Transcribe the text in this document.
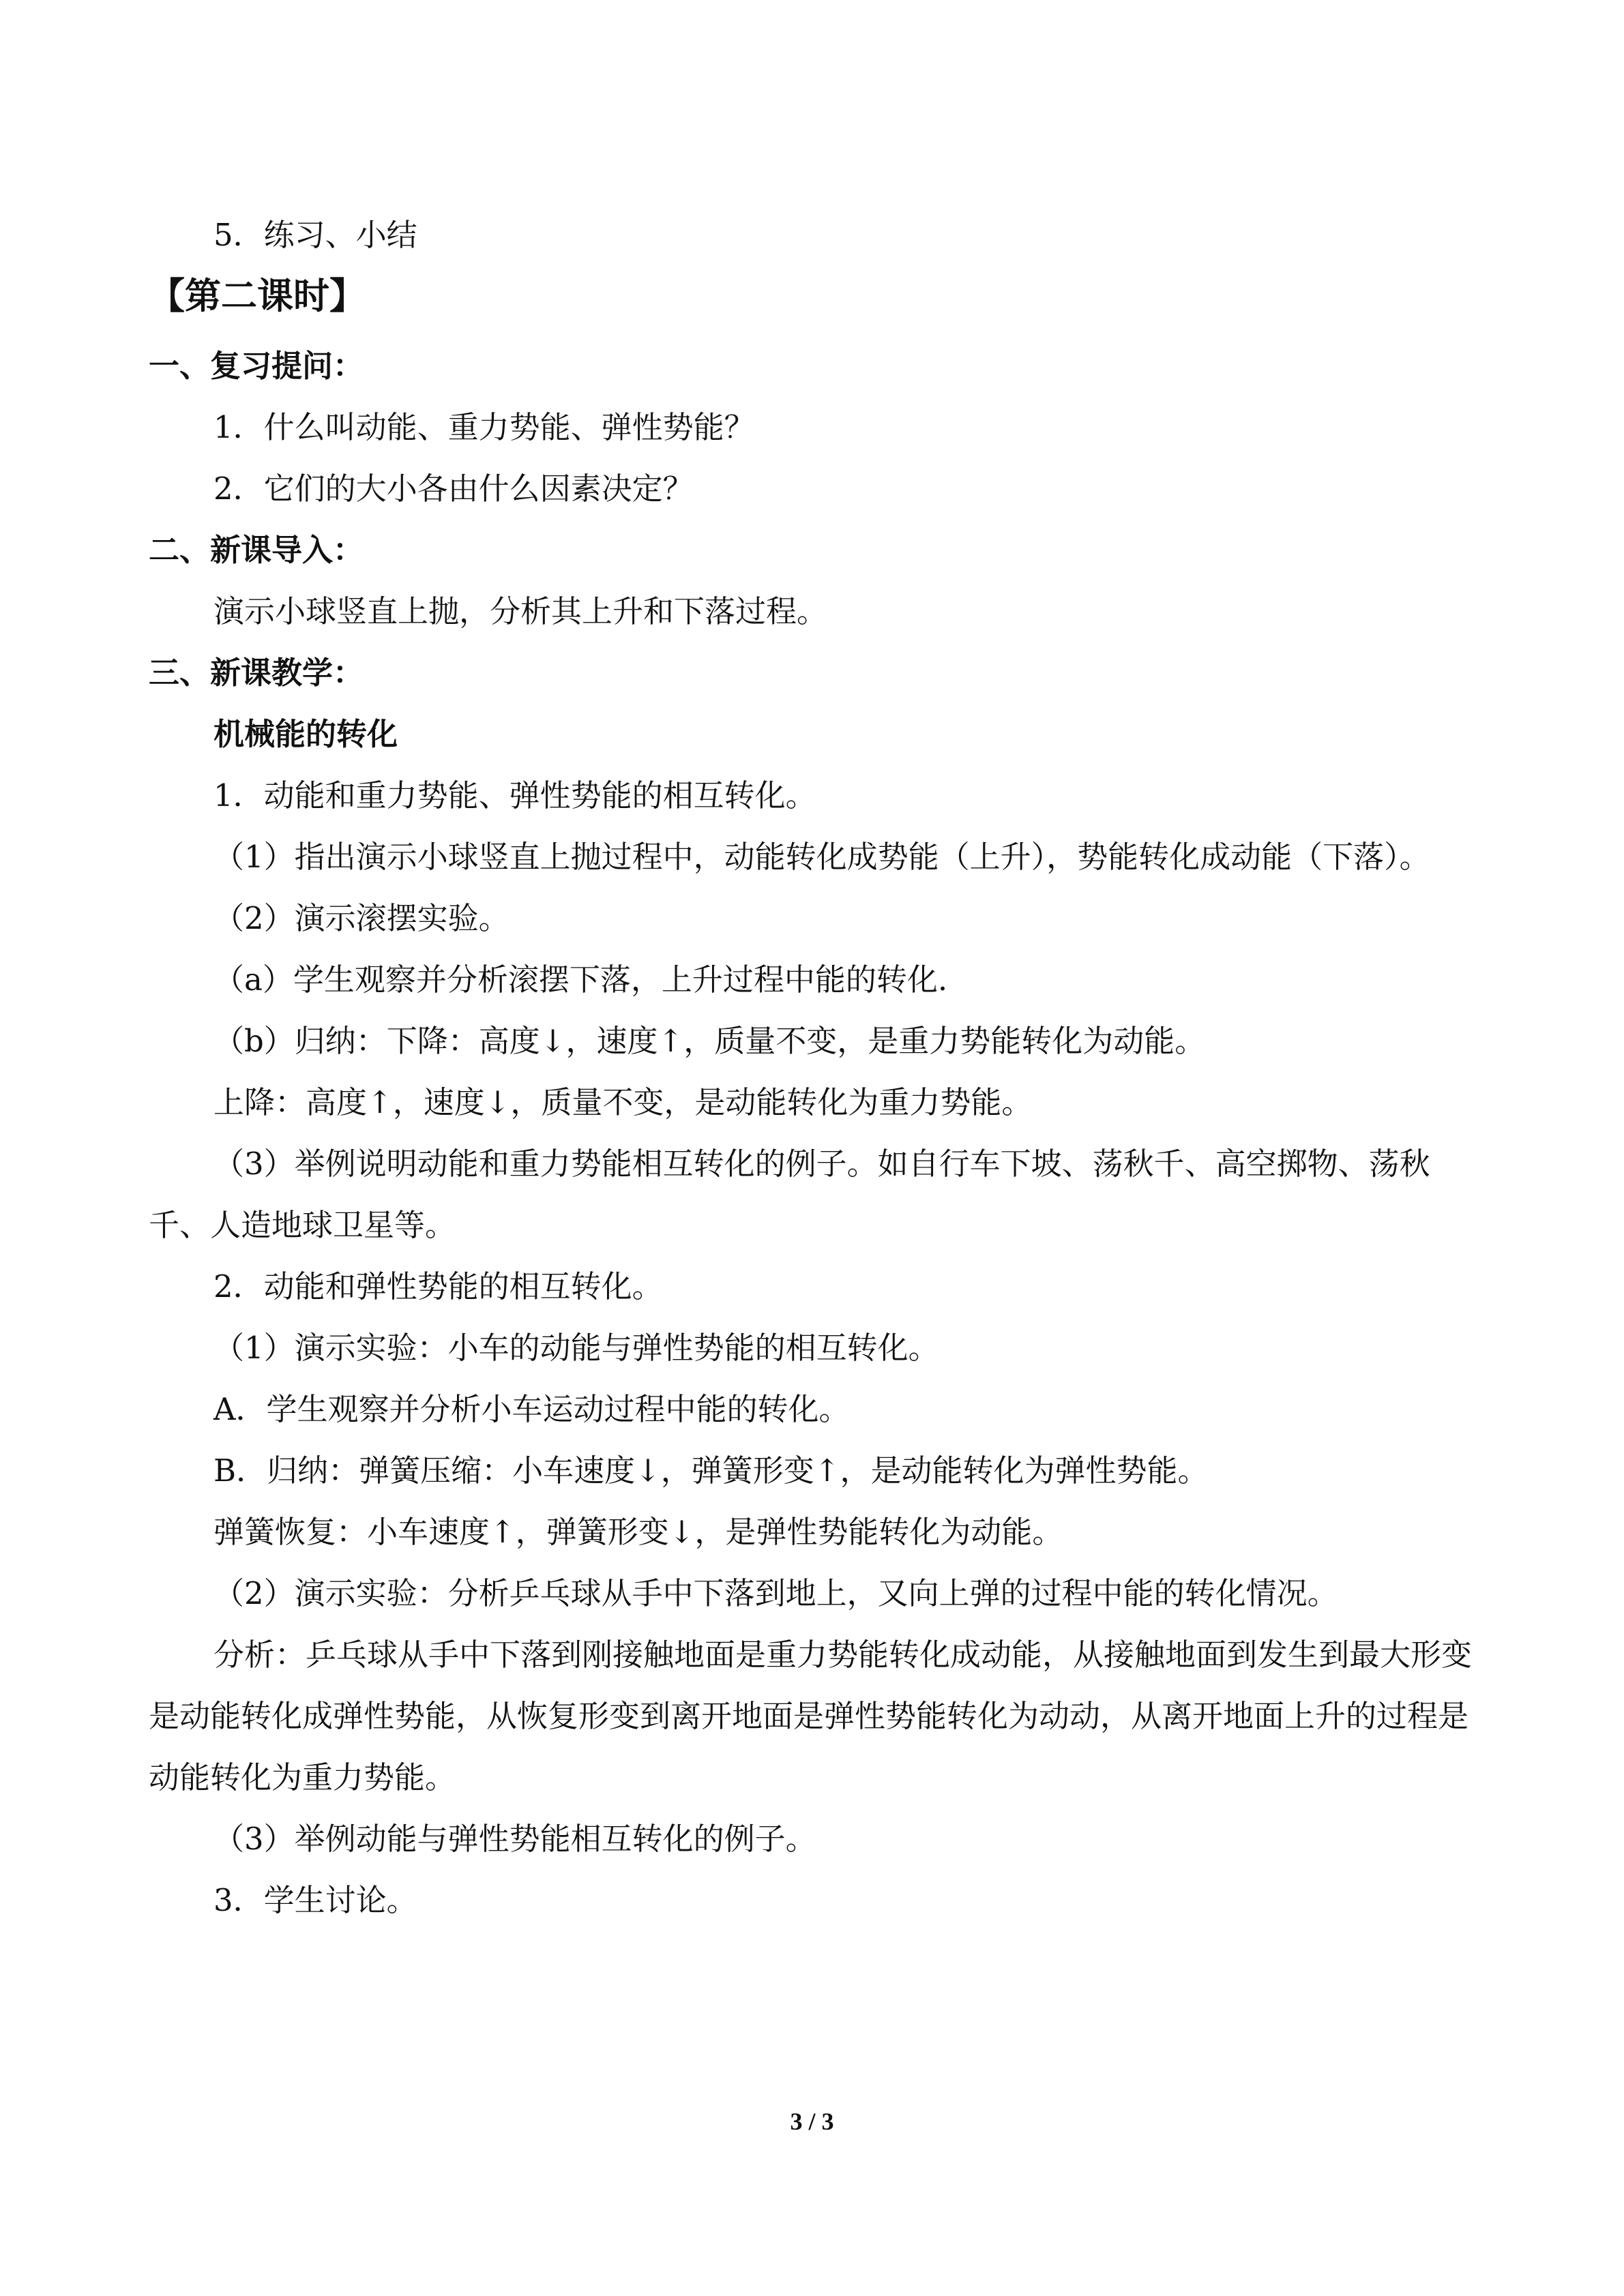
5．练习、小结
【第二课时】
一、复习提问：
1．什么叫动能、重力势能、弹性势能？
2．它们的大小各由什么因素决定？
二、新课导入：
演示小球竖直上抛，分析其上升和下落过程。
三、新课教学：
机械能的转化
1．动能和重力势能、弹性势能的相互转化。
（1）指出演示小球竖直上抛过程中，动能转化成势能（上升），势能转化成动能（下落）。
（2）演示滚摆实验。
（a）学生观察并分析滚摆下落，上升过程中能的转化.
（b）归纳：下降：高度↓，速度↑，质量不变，是重力势能转化为动能。
上降：高度↑，速度↓，质量不变，是动能转化为重力势能。
（3）举例说明动能和重力势能相互转化的例子。如自行车下坡、荡秋千、高空掷物、荡秋千、人造地球卫星等。
2．动能和弹性势能的相互转化。
（1）演示实验：小车的动能与弹性势能的相互转化。
A．学生观察并分析小车运动过程中能的转化。
B．归纳：弹簧压缩：小车速度↓，弹簧形变↑，是动能转化为弹性势能。
弹簧恢复：小车速度↑，弹簧形变↓，是弹性势能转化为动能。
（2）演示实验：分析乒乓球从手中下落到地上，又向上弹的过程中能的转化情况。
分析：乒乓球从手中下落到刚接触地面是重力势能转化成动能，从接触地面到发生到最大形变是动能转化成弹性势能，从恢复形变到离开地面是弹性势能转化为动动，从离开地面上升的过程是动能转化为重力势能。
（3）举例动能与弹性势能相互转化的例子。
3．学生讨论。
3 / 3
